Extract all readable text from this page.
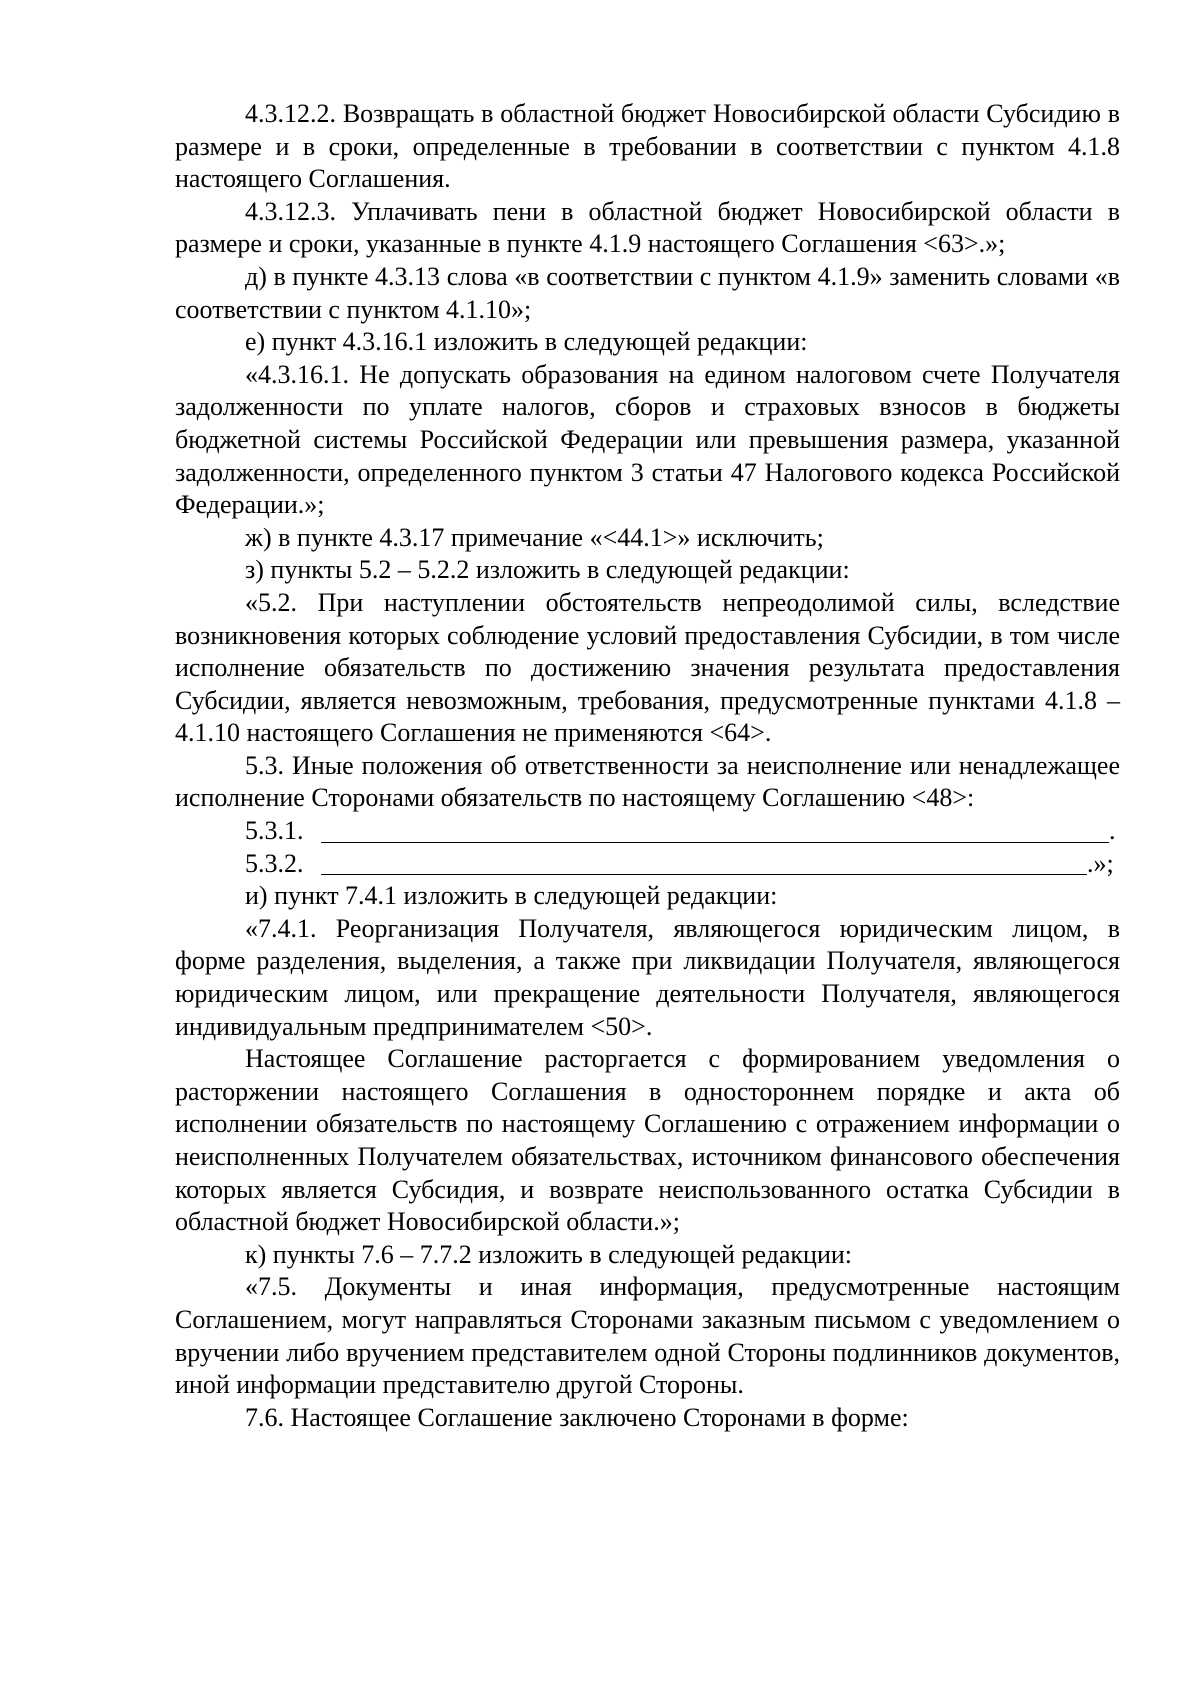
4.3.12.2. Возвращать в областной бюджет Новосибирской области Субсидию в размере и в сроки, определенные в требовании в соответствии с пунктом 4.1.8 настоящего Соглашения.

4.3.12.3. Уплачивать пени в областной бюджет Новосибирской области в размере и сроки, указанные в пункте 4.1.9 настоящего Соглашения <63>.»;

д) в пункте 4.3.13 слова «в соответствии с пунктом 4.1.9» заменить словами «в соответствии с пунктом 4.1.10»;

е) пункт 4.3.16.1 изложить в следующей редакции:

«4.3.16.1. Не допускать образования на едином налоговом счете Получателя задолженности по уплате налогов, сборов и страховых взносов в бюджеты бюджетной системы Российской Федерации или превышения размера, указанной задолженности, определенного пунктом 3 статьи 47 Налогового кодекса Российской Федерации.»;

ж) в пункте 4.3.17 примечание «<44.1>» исключить;

з) пункты 5.2 – 5.2.2 изложить в следующей редакции:

«5.2. При наступлении обстоятельств непреодолимой силы, вследствие возникновения которых соблюдение условий предоставления Субсидии, в том числе исполнение обязательств по достижению значения результата предоставления Субсидии, является невозможным, требования, предусмотренные пунктами 4.1.8 – 4.1.10 настоящего Соглашения не применяются <64>.

5.3. Иные положения об ответственности за неисполнение или ненадлежащее исполнение Сторонами обязательств по настоящему Соглашению <48>:

5.3.1.	.
5.3.2.	.»;

и) пункт 7.4.1 изложить в следующей редакции:

«7.4.1. Реорганизация Получателя, являющегося юридическим лицом, в форме разделения, выделения, а также при ликвидации Получателя, являющегося юридическим лицом, или прекращение деятельности Получателя, являющегося индивидуальным предпринимателем <50>.

Настоящее Соглашение расторгается с формированием уведомления о расторжении настоящего Соглашения в одностороннем порядке и акта об исполнении обязательств по настоящему Соглашению с отражением информации о неисполненных Получателем обязательствах, источником финансового обеспечения которых является Субсидия, и возврате неиспользованного остатка Субсидии в областной бюджет Новосибирской области.»;

к) пункты 7.6 – 7.7.2 изложить в следующей редакции:

«7.5. Документы и иная информация, предусмотренные настоящим Соглашением, могут направляться Сторонами заказным письмом с уведомлением о вручении либо вручением представителем одной Стороны подлинников документов, иной информации представителю другой Стороны.

7.6. Настоящее Соглашение заключено Сторонами в форме:
